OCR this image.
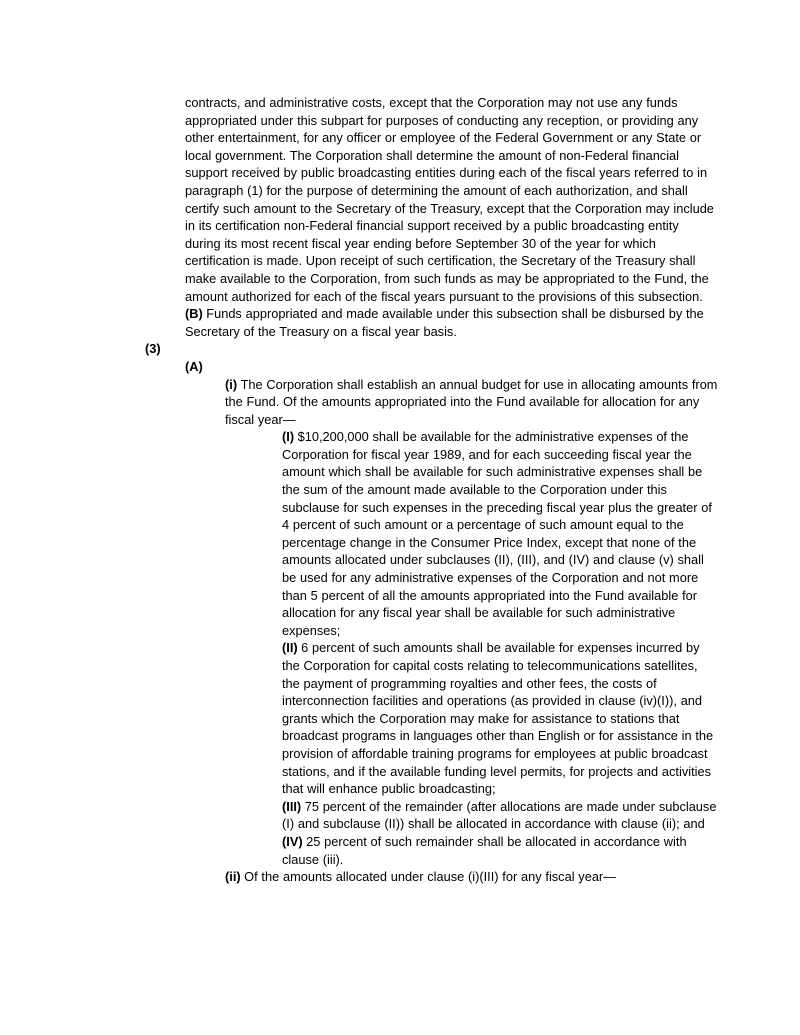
contracts, and administrative costs, except that the Corporation may not use any funds appropriated under this subpart for purposes of conducting any reception, or providing any other entertainment, for any officer or employee of the Federal Government or any State or local government. The Corporation shall determine the amount of non-Federal financial support received by public broadcasting entities during each of the fiscal years referred to in paragraph (1) for the purpose of determining the amount of each authorization, and shall certify such amount to the Secretary of the Treasury, except that the Corporation may include in its certification non-Federal financial support received by a public broadcasting entity during its most recent fiscal year ending before September 30 of the year for which certification is made. Upon receipt of such certification, the Secretary of the Treasury shall make available to the Corporation, from such funds as may be appropriated to the Fund, the amount authorized for each of the fiscal years pursuant to the provisions of this subsection.

(B) Funds appropriated and made available under this subsection shall be disbursed by the Secretary of the Treasury on a fiscal year basis.

(3)

(A)

(i) The Corporation shall establish an annual budget for use in allocating amounts from the Fund. Of the amounts appropriated into the Fund available for allocation for any fiscal year—

(I) $10,200,000 shall be available for the administrative expenses of the Corporation for fiscal year 1989, and for each succeeding fiscal year the amount which shall be available for such administrative expenses shall be the sum of the amount made available to the Corporation under this subclause for such expenses in the preceding fiscal year plus the greater of 4 percent of such amount or a percentage of such amount equal to the percentage change in the Consumer Price Index, except that none of the amounts allocated under subclauses (II), (III), and (IV) and clause (v) shall be used for any administrative expenses of the Corporation and not more than 5 percent of all the amounts appropriated into the Fund available for allocation for any fiscal year shall be available for such administrative expenses;

(II) 6 percent of such amounts shall be available for expenses incurred by the Corporation for capital costs relating to telecommunications satellites, the payment of programming royalties and other fees, the costs of interconnection facilities and operations (as provided in clause (iv)(I)), and grants which the Corporation may make for assistance to stations that broadcast programs in languages other than English or for assistance in the provision of affordable training programs for employees at public broadcast stations, and if the available funding level permits, for projects and activities that will enhance public broadcasting;

(III) 75 percent of the remainder (after allocations are made under subclause (I) and subclause (II)) shall be allocated in accordance with clause (ii); and

(IV) 25 percent of such remainder shall be allocated in accordance with clause (iii).

(ii) Of the amounts allocated under clause (i)(III) for any fiscal year—
